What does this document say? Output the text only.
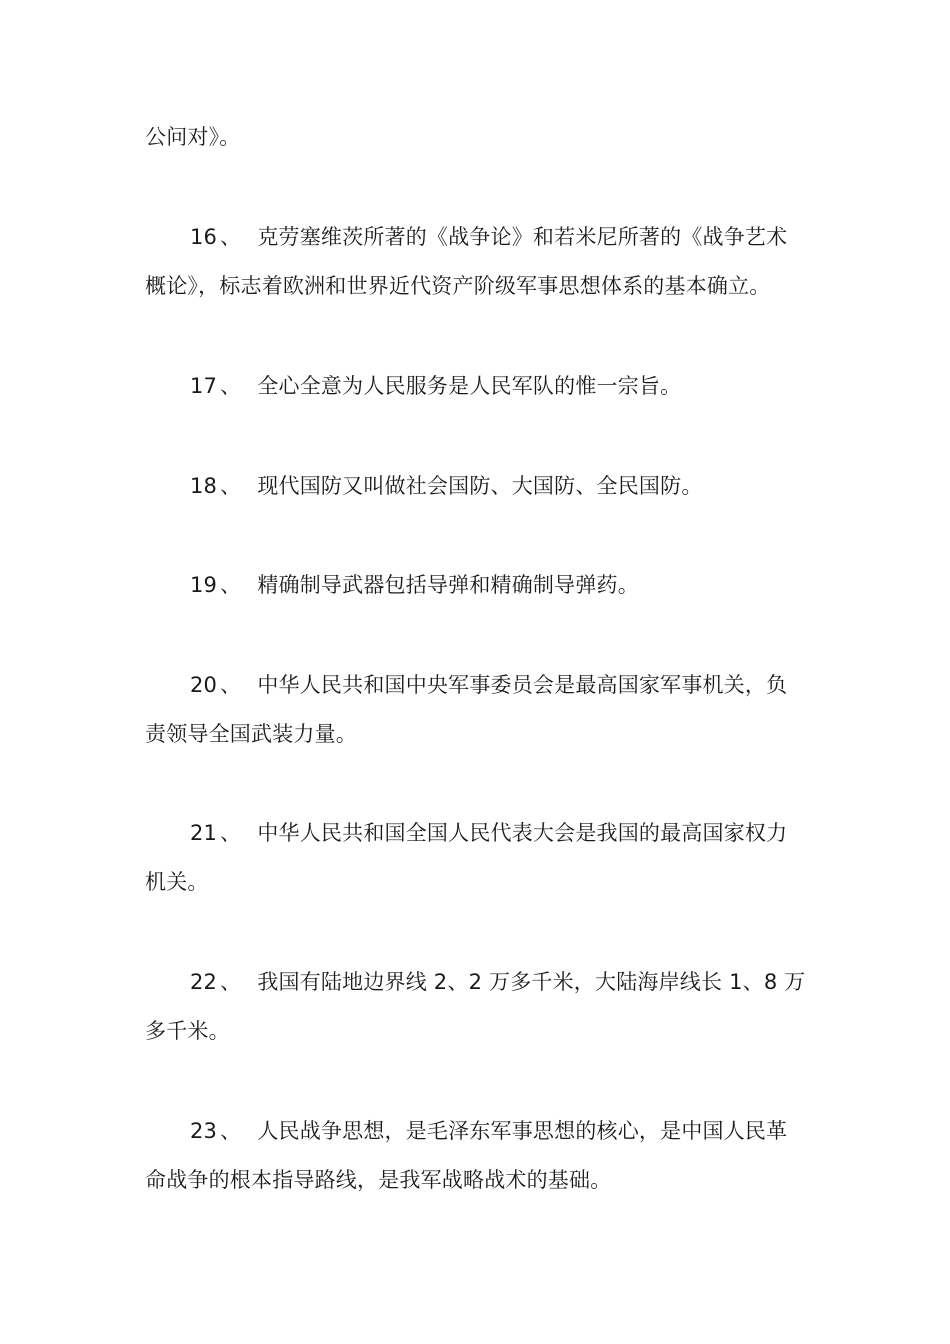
公问对》。
16 、 克劳塞维茨所著的《战争论》和若米尼所著的《战争艺术
概论》，标志着欧洲和世界近代资产阶级军事思想体系的基本确立。
17 、 全心全意为人民服务是人民军队的惟一宗旨。
18 、 现代国防又叫做社会国防、大国防、全民国防。
19 、 精确制导武器包括导弹和精确制导弹药。
20 、 中华人民共和国中央军事委员会是最高国家军事机关，负
责领导全国武装力量。
21 、 中华人民共和国全国人民代表大会是我国的最高国家权力
机关。
22 、 我国有陆地边界线 2、2 万多千米，大陆海岸线长 1、8 万
多千米。
23 、 人民战争思想，是毛泽东军事思想的核心，是中国人民革
命战争的根本指导路线，是我军战略战术的基础。
